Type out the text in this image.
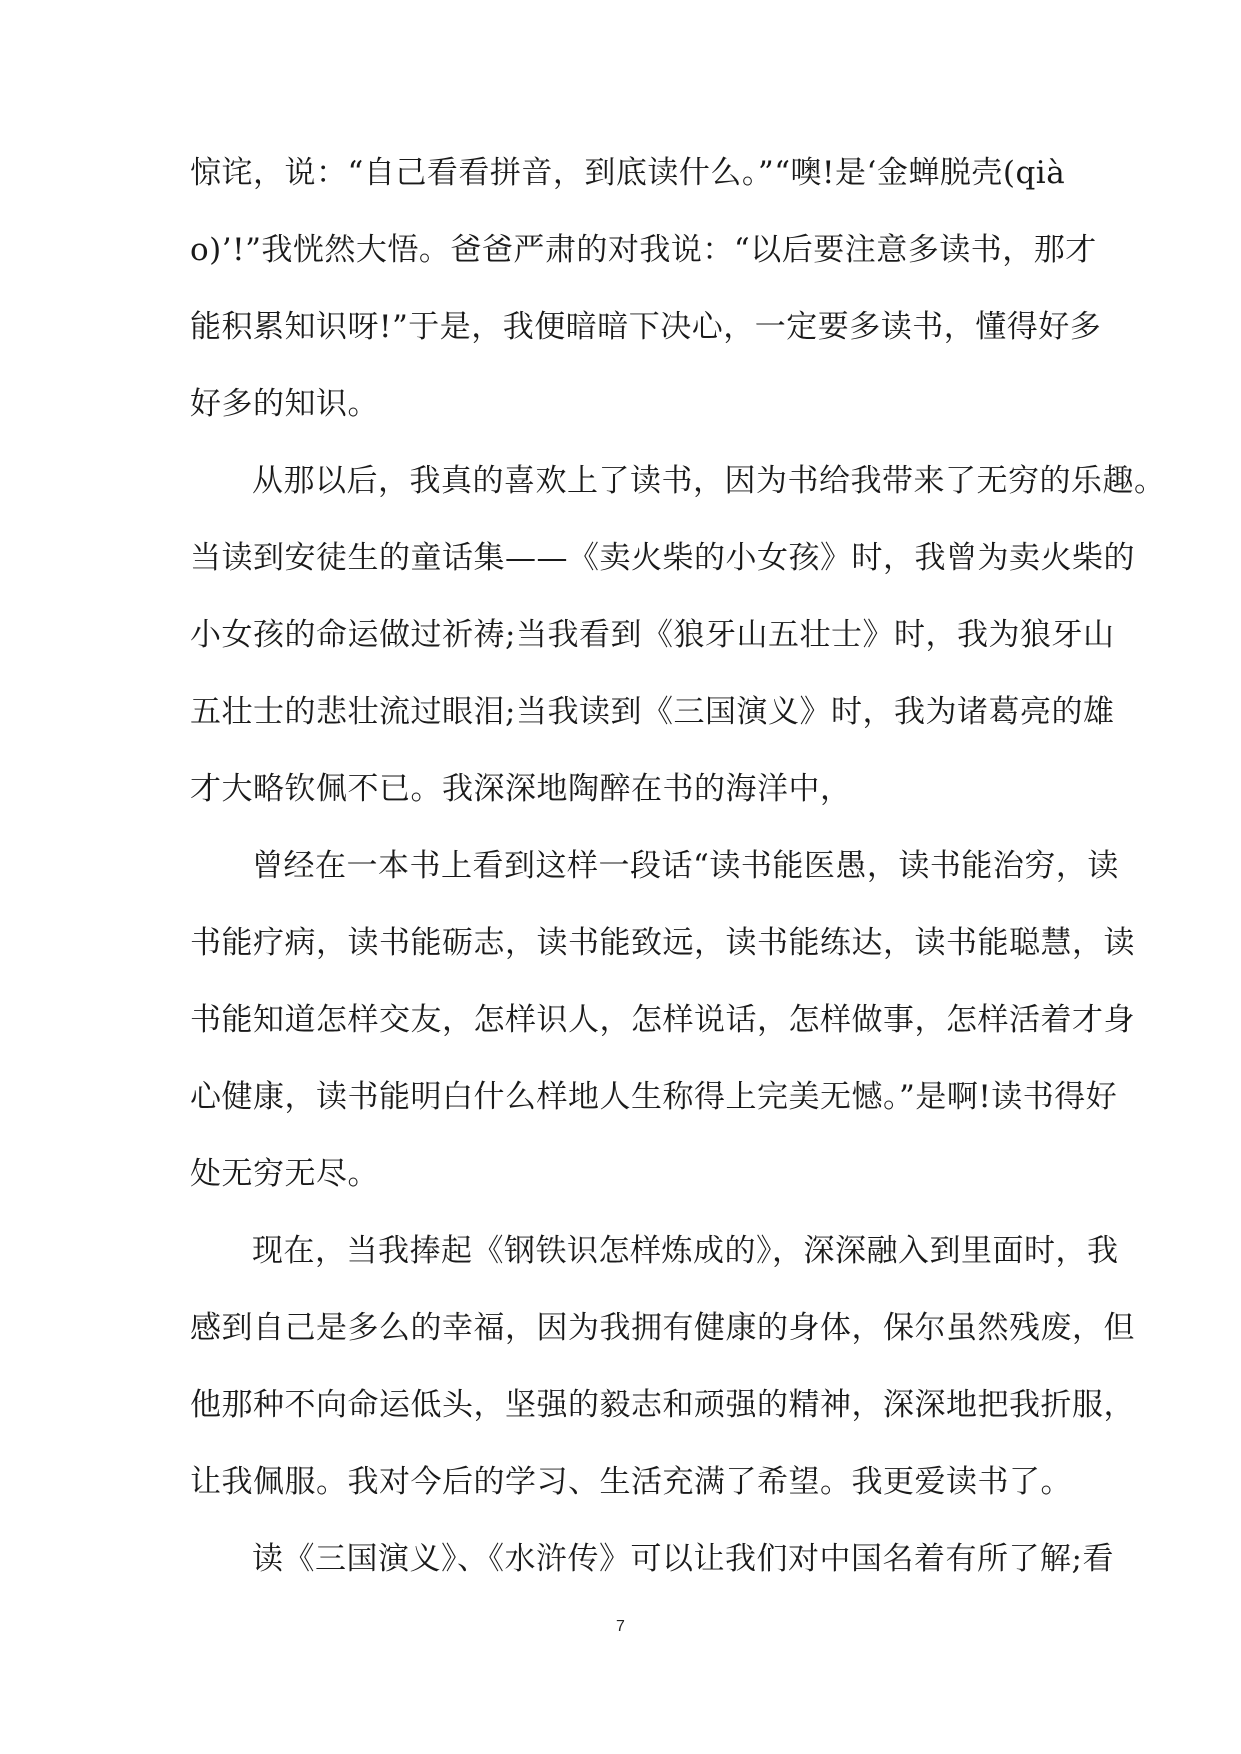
惊诧，说：“自己看看拼音，到底读什么。”“噢!是‘金蝉脱壳(qià
o)’!”我恍然大悟。爸爸严肃的对我说：“以后要注意多读书，那才
能积累知识呀!”于是，我便暗暗下决心，一定要多读书，懂得好多
好多的知识。
从那以后，我真的喜欢上了读书，因为书给我带来了无穷的乐趣。
当读到安徒生的童话集——《卖火柴的小女孩》时，我曾为卖火柴的
小女孩的命运做过祈祷;当我看到《狼牙山五壮士》时，我为狼牙山
五壮士的悲壮流过眼泪;当我读到《三国演义》时，我为诸葛亮的雄
才大略钦佩不已。我深深地陶醉在书的海洋中，
曾经在一本书上看到这样一段话“读书能医愚，读书能治穷，读
书能疗病，读书能砺志，读书能致远，读书能练达，读书能聪慧，读
书能知道怎样交友，怎样识人，怎样说话，怎样做事，怎样活着才身
心健康，读书能明白什么样地人生称得上完美无憾。”是啊!读书得好
处无穷无尽。
现在，当我捧起《钢铁识怎样炼成的》，深深融入到里面时，我
感到自己是多么的幸福，因为我拥有健康的身体，保尔虽然残废，但
他那种不向命运低头，坚强的毅志和顽强的精神，深深地把我折服，
让我佩服。我对今后的学习、生活充满了希望。我更爱读书了。
读《三国演义》、《水浒传》可以让我们对中国名着有所了解;看
7
